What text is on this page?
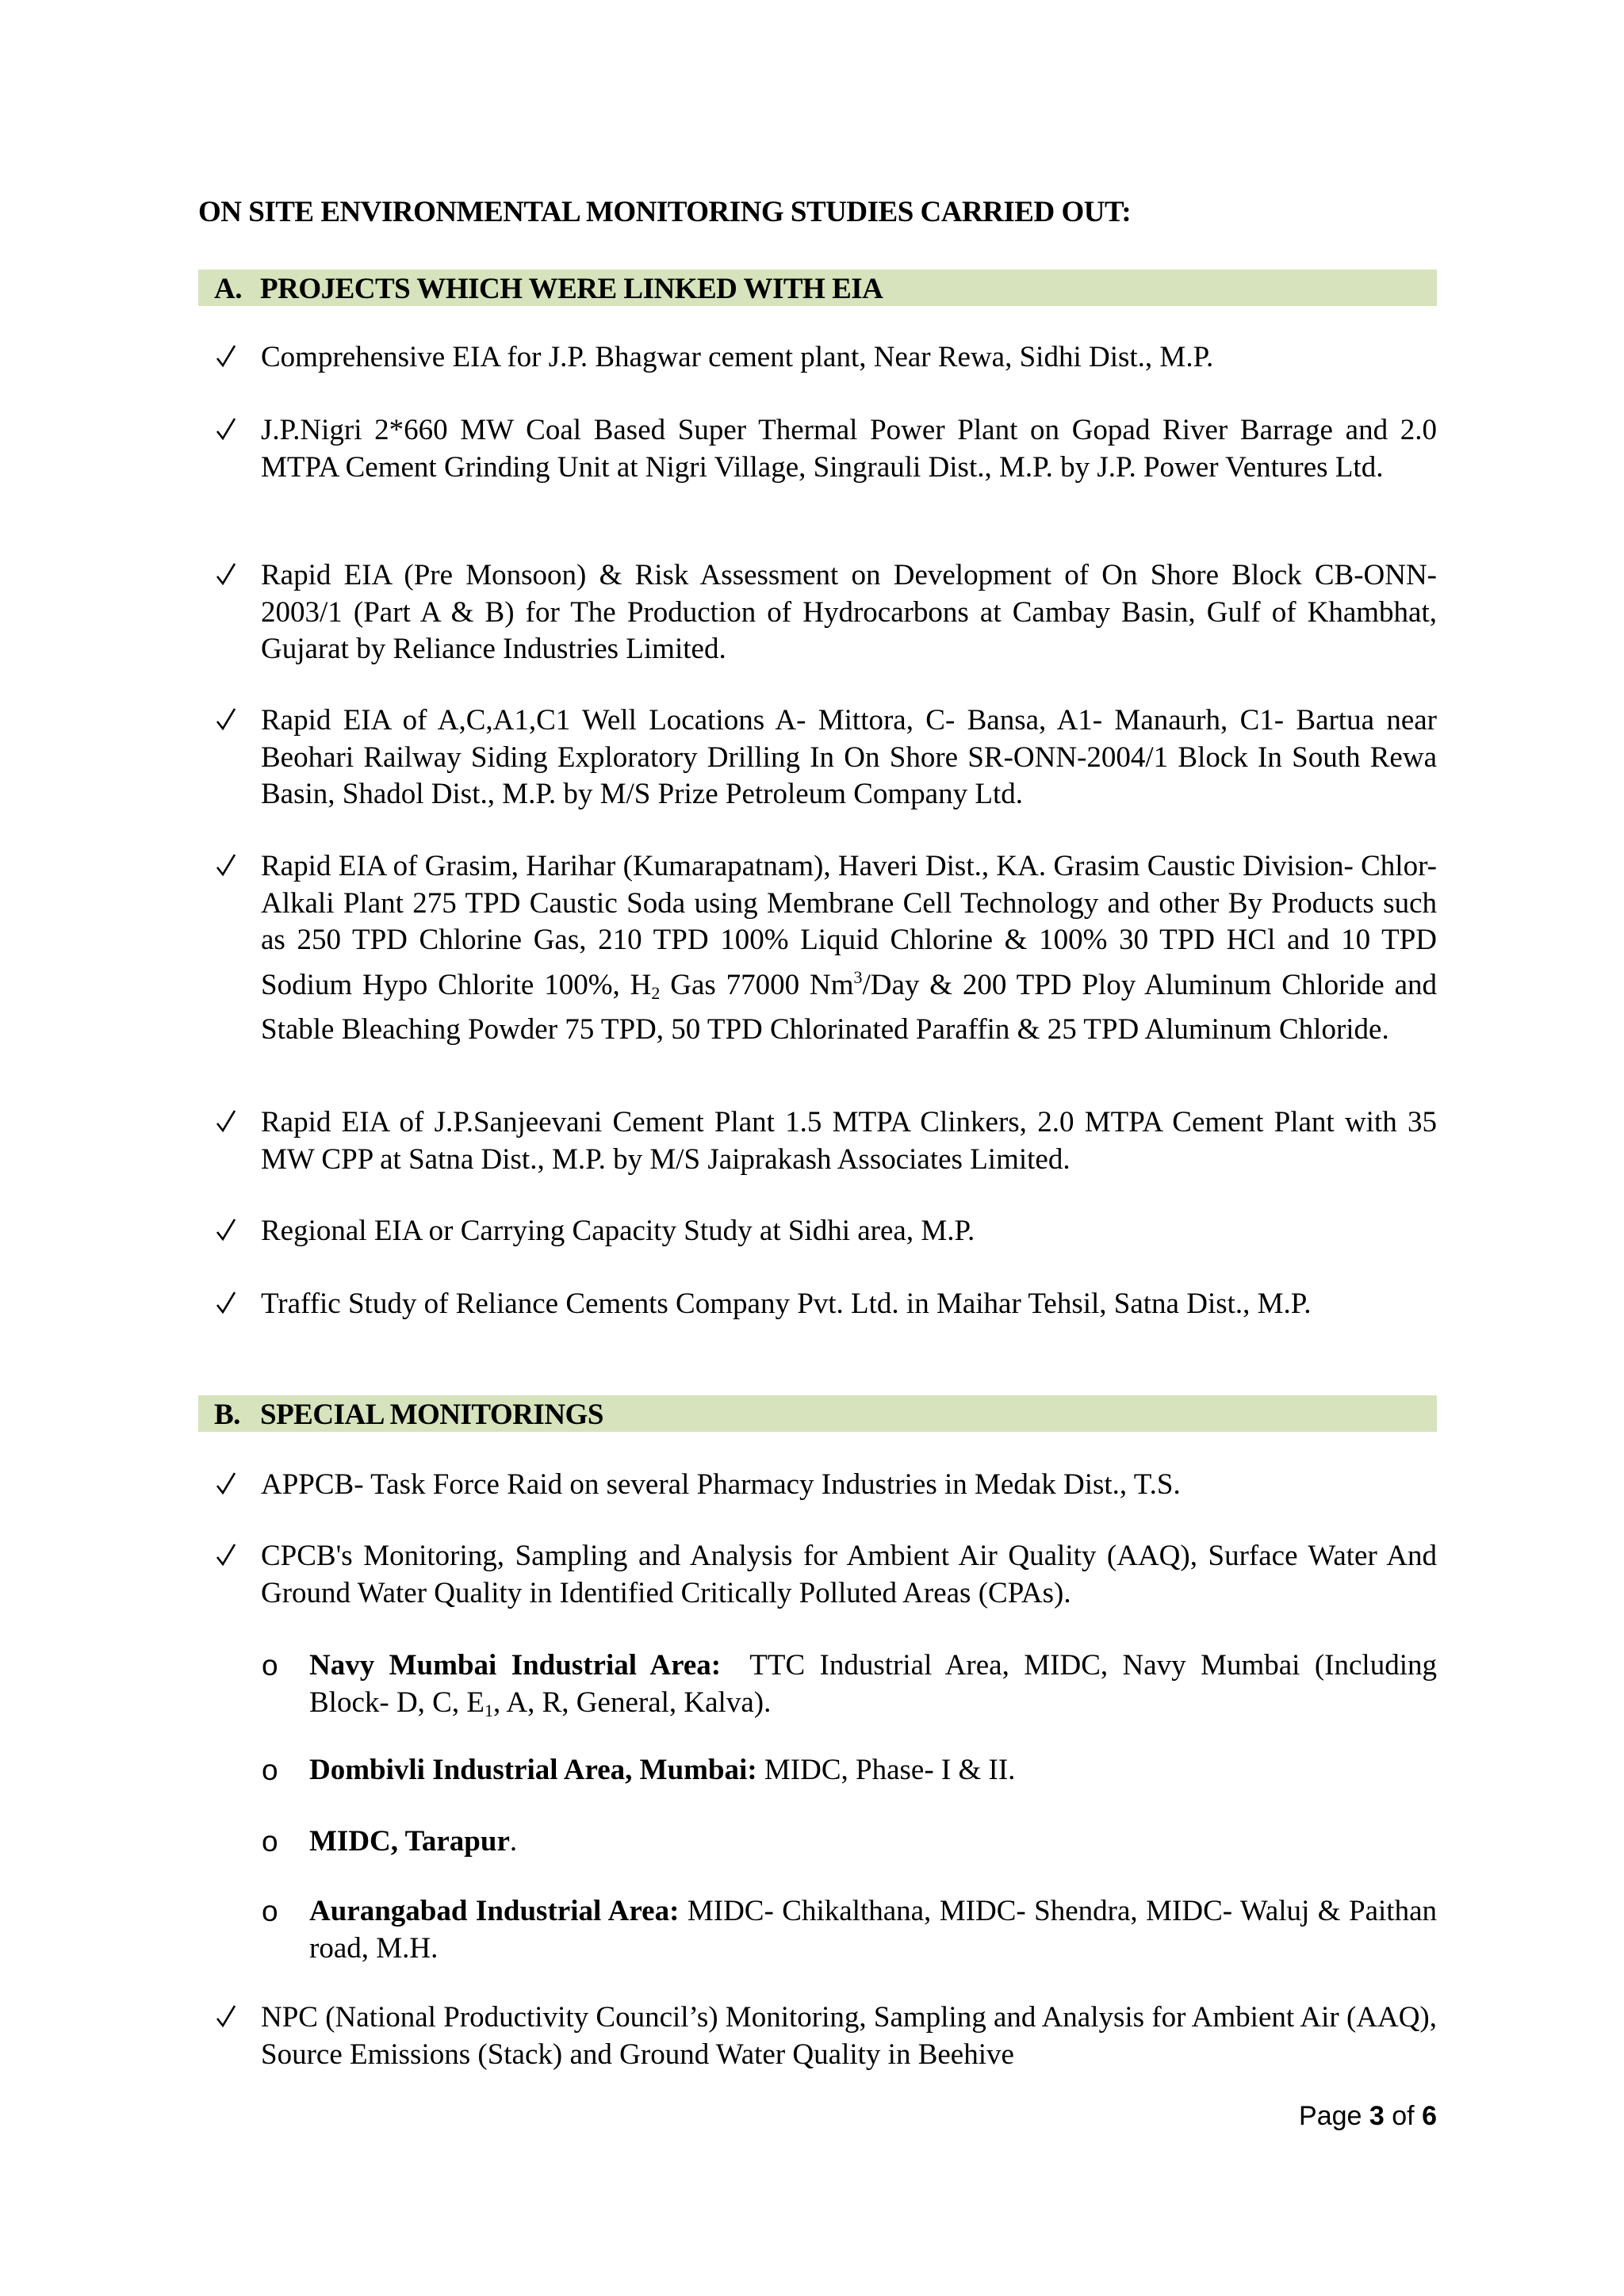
ON SITE ENVIRONMENTAL MONITORING STUDIES CARRIED OUT:
A. PROJECTS WHICH WERE LINKED WITH EIA
Comprehensive EIA for J.P. Bhagwar cement plant, Near Rewa, Sidhi Dist., M.P.
J.P.Nigri 2*660 MW Coal Based Super Thermal Power Plant on Gopad River Barrage and 2.0 MTPA Cement Grinding Unit at Nigri Village, Singrauli Dist., M.P. by J.P. Power Ventures Ltd.
Rapid EIA (Pre Monsoon) & Risk Assessment on Development of On Shore Block CB-ONN-2003/1 (Part A & B) for The Production of Hydrocarbons at Cambay Basin, Gulf of Khambhat, Gujarat by Reliance Industries Limited.
Rapid EIA of A,C,A1,C1 Well Locations A- Mittora, C- Bansa, A1- Manaurh, C1- Bartua near Beohari Railway Siding Exploratory Drilling In On Shore SR-ONN-2004/1 Block In South Rewa Basin, Shadol Dist., M.P. by M/S Prize Petroleum Company Ltd.
Rapid EIA of Grasim, Harihar (Kumarapatnam), Haveri Dist., KA. Grasim Caustic Division- Chlor- Alkali Plant 275 TPD Caustic Soda using Membrane Cell Technology and other By Products such as 250 TPD Chlorine Gas, 210 TPD 100% Liquid Chlorine & 100% 30 TPD HCl and 10 TPD Sodium Hypo Chlorite 100%, H2 Gas 77000 Nm$^3$/Day & 200 TPD Ploy Aluminum Chloride and Stable Bleaching Powder 75 TPD, 50 TPD Chlorinated Paraffin & 25 TPD Aluminum Chloride.
Rapid EIA of J.P.Sanjeevani Cement Plant 1.5 MTPA Clinkers, 2.0 MTPA Cement Plant with 35 MW CPP at Satna Dist., M.P. by M/S Jaiprakash Associates Limited.
Regional EIA or Carrying Capacity Study at Sidhi area, M.P.
Traffic Study of Reliance Cements Company Pvt. Ltd. in Maihar Tehsil, Satna Dist., M.P.
B. SPECIAL MONITORINGS
APPCB- Task Force Raid on several Pharmacy Industries in Medak Dist., T.S.
CPCB's Monitoring, Sampling and Analysis for Ambient Air Quality (AAQ), Surface Water And Ground Water Quality in Identified Critically Polluted Areas (CPAs).
o Navy Mumbai Industrial Area:  TTC Industrial Area, MIDC, Navy Mumbai (Including Block- D, C, E1, A, R, General, Kalva).
o Dombivli Industrial Area, Mumbai: MIDC, Phase- I & II.
o MIDC, Tarapur.
o Aurangabad Industrial Area: MIDC- Chikalthana, MIDC- Shendra, MIDC- Waluj & Paithan road, M.H.
NPC (National Productivity Council’s) Monitoring, Sampling and Analysis for Ambient Air (AAQ), Source Emissions (Stack) and Ground Water Quality in Beehive
Page 3 of 6
